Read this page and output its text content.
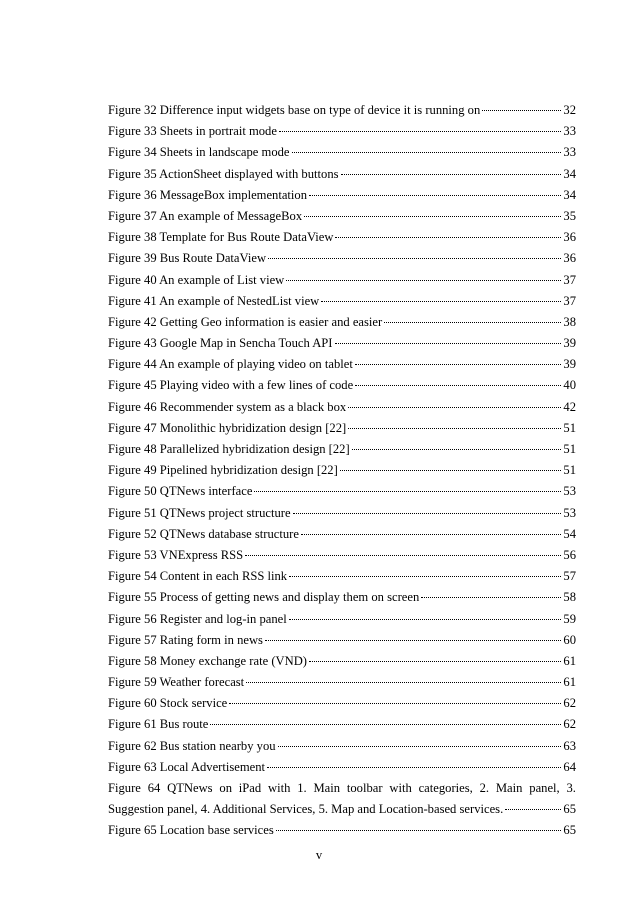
Figure 32 Difference input widgets base on type of device it is running on	32
Figure 33 Sheets in portrait mode	33
Figure 34 Sheets in landscape mode	33
Figure 35 ActionSheet displayed with buttons	34
Figure 36 MessageBox implementation	34
Figure 37 An example of MessageBox	35
Figure 38 Template for Bus Route DataView	36
Figure 39 Bus Route DataView	36
Figure 40 An example of List view	37
Figure 41 An example of NestedList view	37
Figure 42 Getting Geo information is easier and easier	38
Figure 43 Google Map in Sencha Touch API	39
Figure 44 An example of playing video on tablet	39
Figure 45 Playing video with a few lines of code	40
Figure 46 Recommender system as a black box	42
Figure 47 Monolithic hybridization design [22]	51
Figure 48 Parallelized hybridization design [22]	51
Figure 49 Pipelined hybridization design [22]	51
Figure 50 QTNews interface	53
Figure 51 QTNews project structure	53
Figure 52 QTNews database structure	54
Figure 53 VNExpress RSS	56
Figure 54 Content in each RSS link	57
Figure 55 Process of getting news and display them on screen	58
Figure 56 Register and log-in panel	59
Figure 57 Rating form in news	60
Figure 58 Money exchange rate (VND)	61
Figure 59 Weather forecast	61
Figure 60 Stock service	62
Figure 61 Bus route	62
Figure 62 Bus station nearby you	63
Figure 63 Local Advertisement	64
Figure 64 QTNews on iPad with 1. Main toolbar with categories, 2. Main panel, 3.
Suggestion panel, 4. Additional Services, 5. Map and Location-based services.	65
Figure 65 Location base services	65
v
